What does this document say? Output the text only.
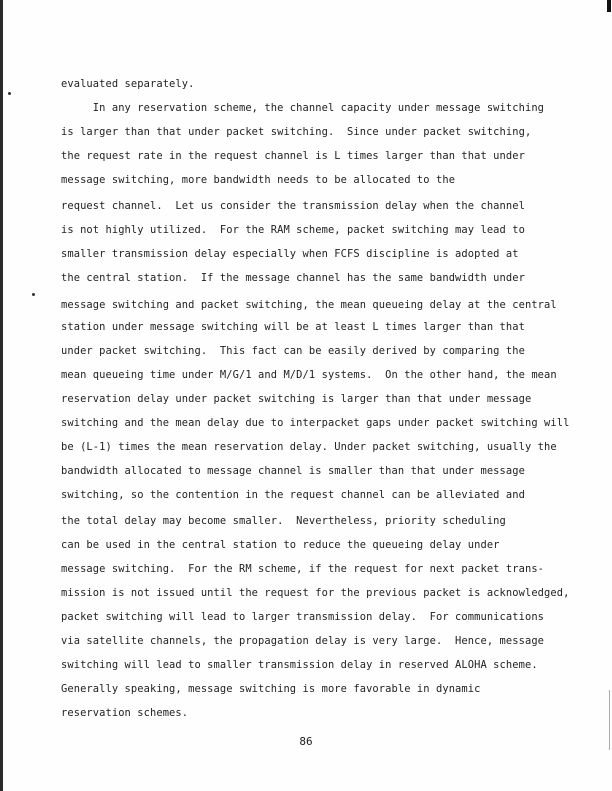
evaluated separately.
In any reservation scheme, the channel capacity under message switching
is larger than that under packet switching.  Since under packet switching,
the request rate in the request channel is L times larger than that under
message switching, more bandwidth needs to be allocated to the
request channel.  Let us consider the transmission delay when the channel
is not highly utilized.  For the RAM scheme, packet switching may lead to
smaller transmission delay especially when FCFS discipline is adopted at
the central station.  If the message channel has the same bandwidth under
message switching and packet switching, the mean queueing delay at the central
station under message switching will be at least L times larger than that
under packet switching.  This fact can be easily derived by comparing the
mean queueing time under M/G/1 and M/D/1 systems.  On the other hand, the mean
reservation delay under packet switching is larger than that under message
switching and the mean delay due to interpacket gaps under packet switching will
be (L-1) times the mean reservation delay. Under packet switching, usually the
bandwidth allocated to message channel is smaller than that under message
switching, so the contention in the request channel can be alleviated and
the total delay may become smaller.  Nevertheless, priority scheduling
can be used in the central station to reduce the queueing delay under
message switching.  For the RM scheme, if the request for next packet trans-
mission is not issued until the request for the previous packet is acknowledged,
packet switching will lead to larger transmission delay.  For communications
via satellite channels, the propagation delay is very large.  Hence, message
switching will lead to smaller transmission delay in reserved ALOHA scheme.
Generally speaking, message switching is more favorable in dynamic
reservation schemes.
86
